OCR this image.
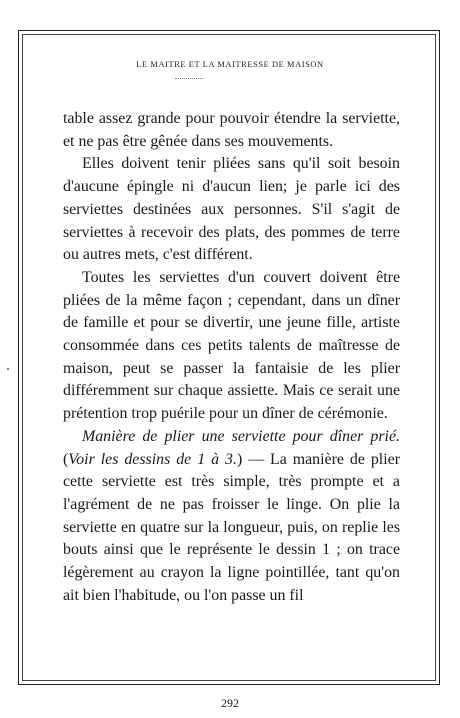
LE MAITRE ET LA MAITRESSE DE MAISON

table assez grande pour pouvoir étendre la serviette, et ne pas être gênée dans ses mouvements.

Elles doivent tenir pliées sans qu'il soit besoin d'aucune épingle ni d'aucun lien; je parle ici des serviettes destinées aux personnes. S'il s'agit de serviettes à recevoir des plats, des pommes de terre ou autres mets, c'est différent.

Toutes les serviettes d'un couvert doivent être pliées de la même façon ; cependant, dans un dîner de famille et pour se divertir, une jeune fille, artiste consommée dans ces petits talents de maîtresse de maison, peut se passer la fantaisie de les plier différemment sur chaque assiette. Mais ce serait une prétention trop puérile pour un dîner de cérémonie.

Manière de plier une serviette pour dîner prié. (Voir les dessins de 1 à 3.) — La manière de plier cette serviette est très simple, très prompte et a l'agrément de ne pas froisser le linge. On plie la serviette en quatre sur la longueur, puis, on replie les bouts ainsi que le représente le dessin 1 ; on trace légèrement au crayon la ligne pointillée, tant qu'on ait bien l'habitude, ou l'on passe un fil

292
